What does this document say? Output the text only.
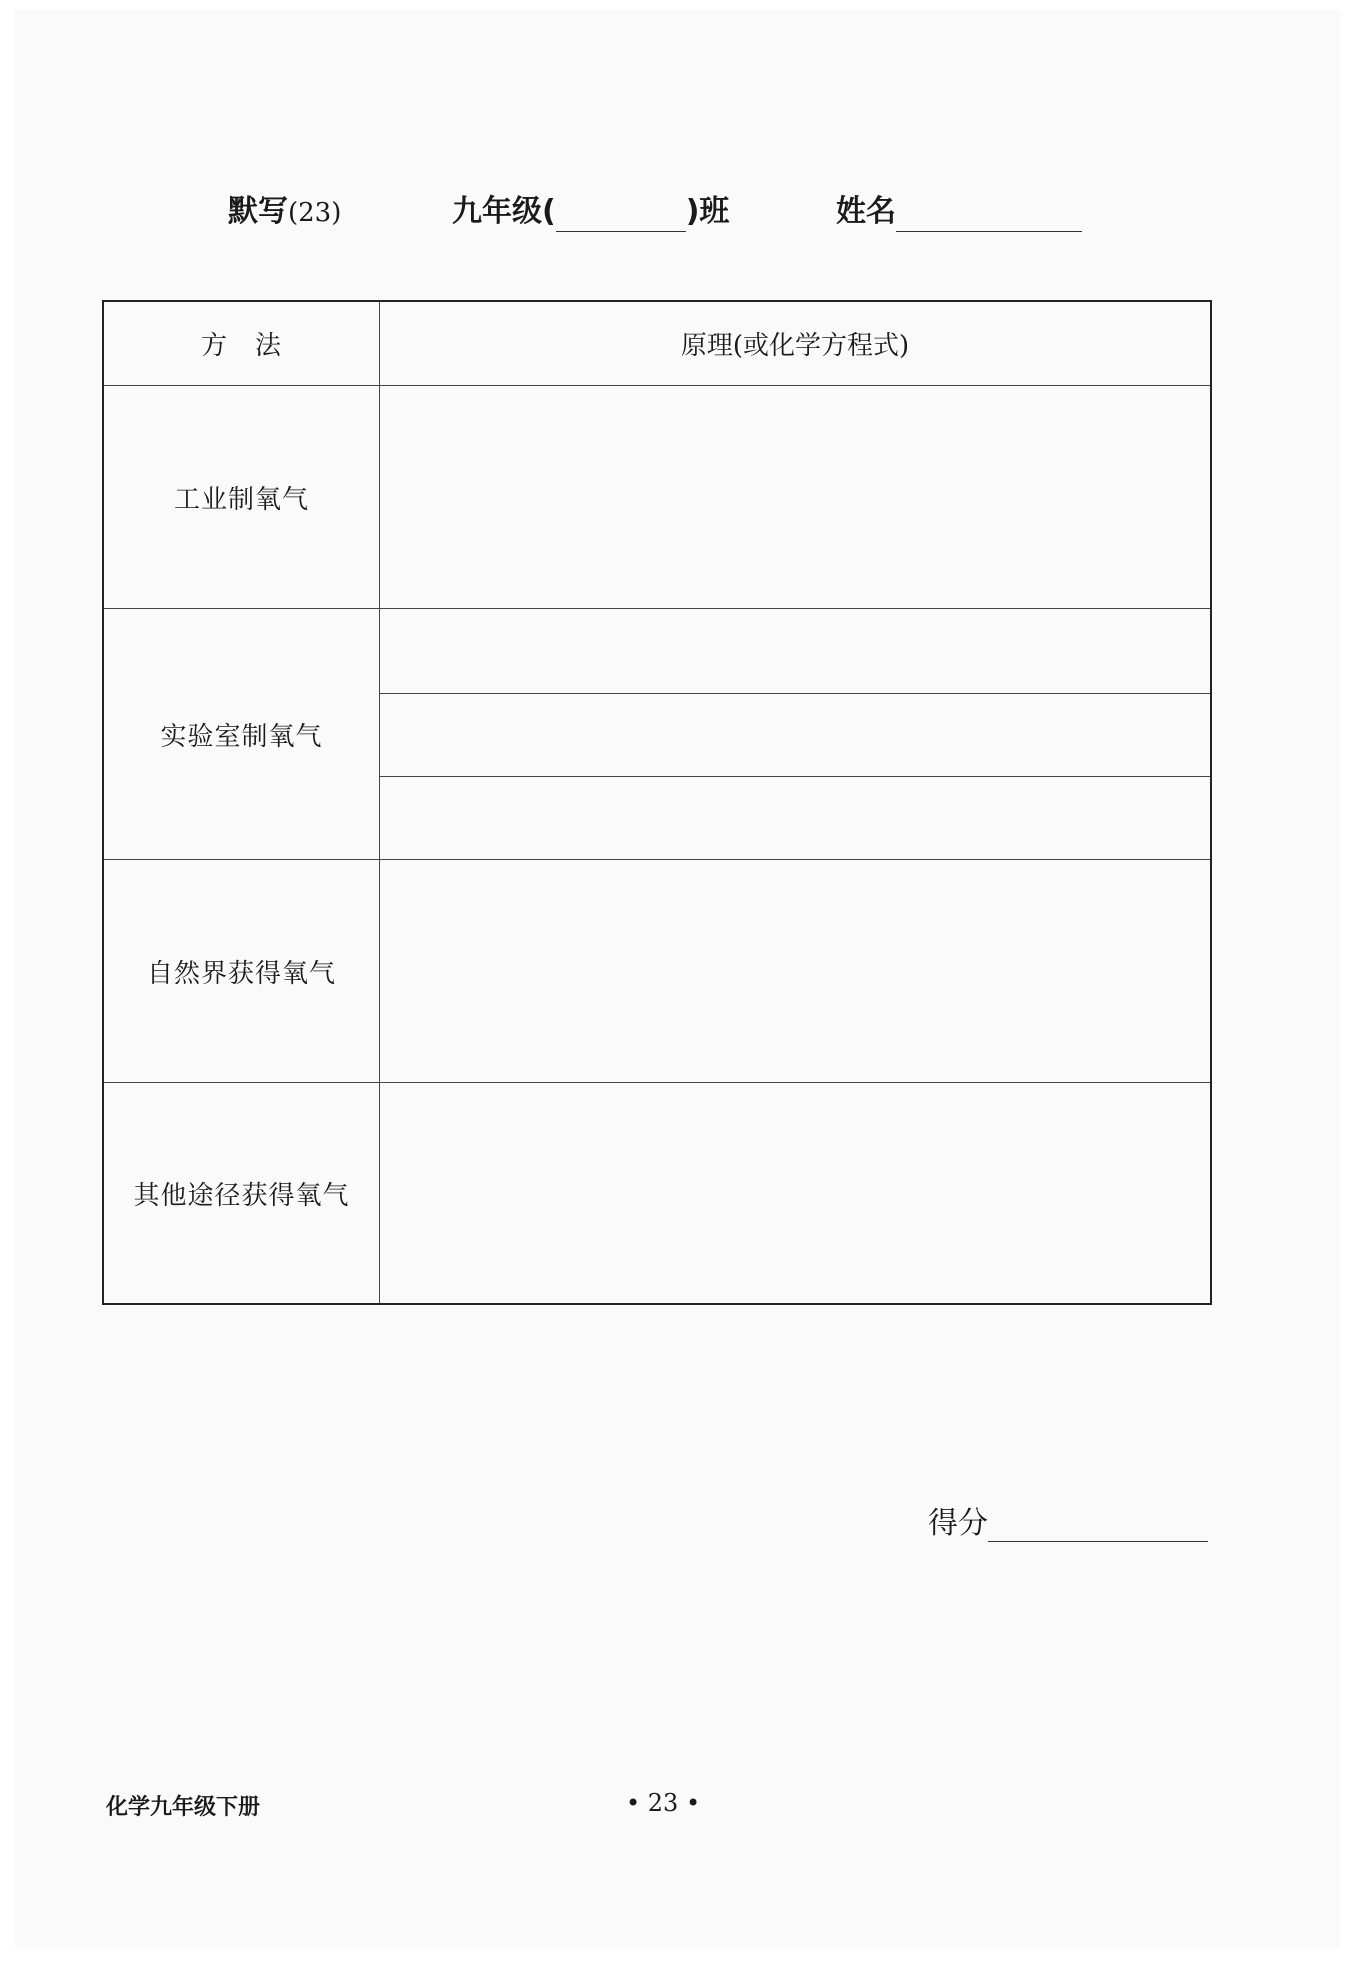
默写(23)	九年级(	)班	姓名
方　法	原理(或化学方程式)
工业制氧气
实验室制氧气
自然界获得氧气
其他途径获得氧气
得分
化学九年级下册	• 23 •
